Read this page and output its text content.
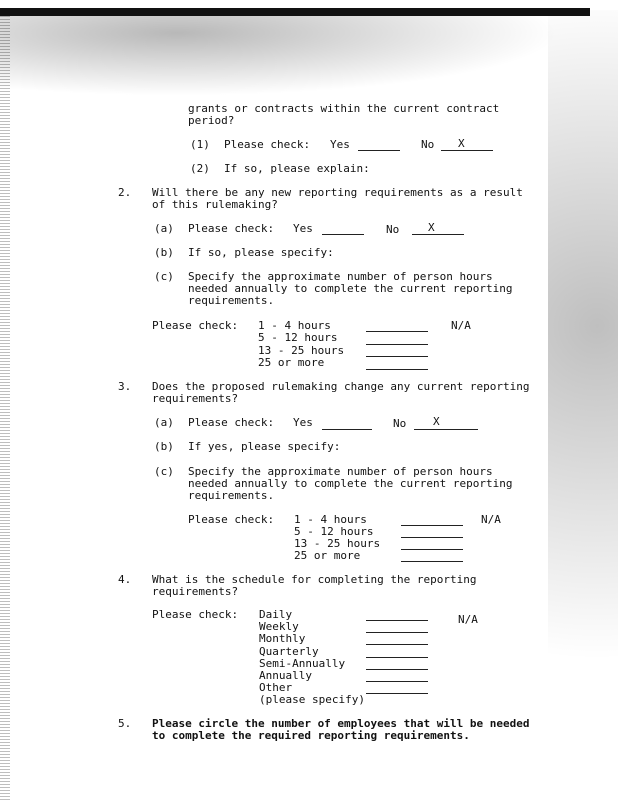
grants or contracts within the current contract
period?
(1) Please check: Yes	No X
(2) If so, please explain:
2. Will there be any new reporting requirements as a result
of this rulemaking?
(a) Please check: Yes	No	X
(b) If so, please specify:
(c) Specify the approximate number of person hours
needed annually to complete the current reporting
requirements.
Please check: 1 - 4 hours
5 - 12 hours
13 - 25 hours
25 or more
N/A
3. Does the proposed rulemaking change any current reporting
requirements?
(a) Please check: Yes	No X
(b) If yes, please specify:
(c) Specify the approximate number of person hours
needed annually to complete the current reporting
requirements.
Please check: 1 - 4 hours
5 - 12 hours
13 - 25 hours
25 or more
N/A
4. What is the schedule for completing the reporting
requirements?
Please check: Daily
Weekly
Monthly
Quarterly
Semi-Annually
Annually
Other
(please specify)
N/A
5. Please circle the number of employees that will be needed
to complete the required reporting requirements.
